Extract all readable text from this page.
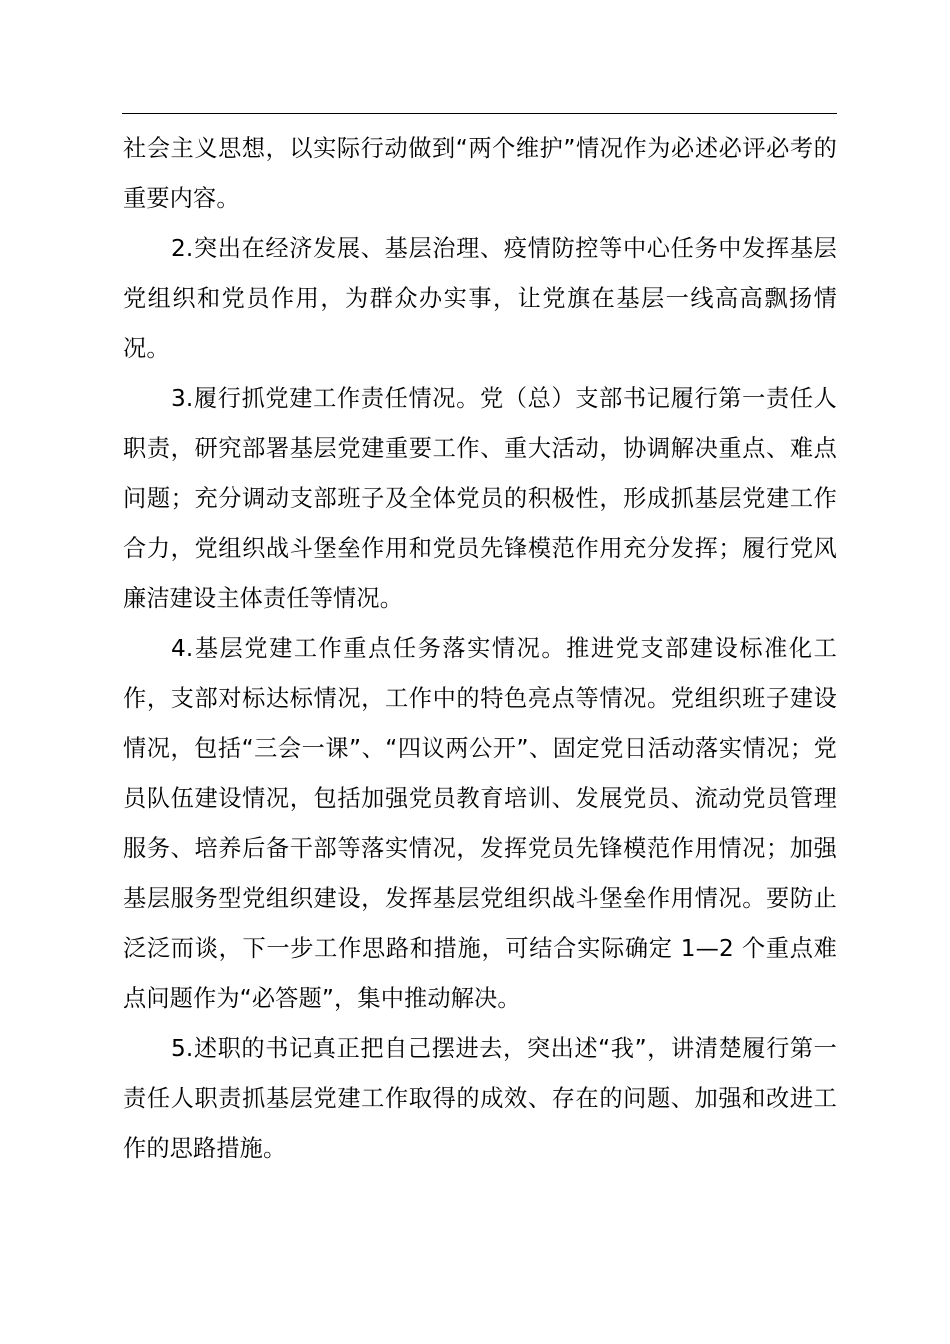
社会主义思想，以实际行动做到“两个维护”情况作为必述必评必考的重要内容。

2.突出在经济发展、基层治理、疫情防控等中心任务中发挥基层党组织和党员作用，为群众办实事，让党旗在基层一线高高飘扬情况。

3.履行抓党建工作责任情况。党（总）支部书记履行第一责任人职责，研究部署基层党建重要工作、重大活动，协调解决重点、难点问题；充分调动支部班子及全体党员的积极性，形成抓基层党建工作合力，党组织战斗堡垒作用和党员先锋模范作用充分发挥；履行党风廉洁建设主体责任等情况。

4.基层党建工作重点任务落实情况。推进党支部建设标准化工作，支部对标达标情况，工作中的特色亮点等情况。党组织班子建设情况，包括“三会一课”、“四议两公开”、固定党日活动落实情况；党员队伍建设情况，包括加强党员教育培训、发展党员、流动党员管理服务、培养后备干部等落实情况，发挥党员先锋模范作用情况；加强基层服务型党组织建设，发挥基层党组织战斗堡垒作用情况。要防止泛泛而谈，下一步工作思路和措施，可结合实际确定 1—2 个重点难点问题作为“必答题”，集中推动解决。

5.述职的书记真正把自己摆进去，突出述“我”，讲清楚履行第一责任人职责抓基层党建工作取得的成效、存在的问题、加强和改进工作的思路措施。
